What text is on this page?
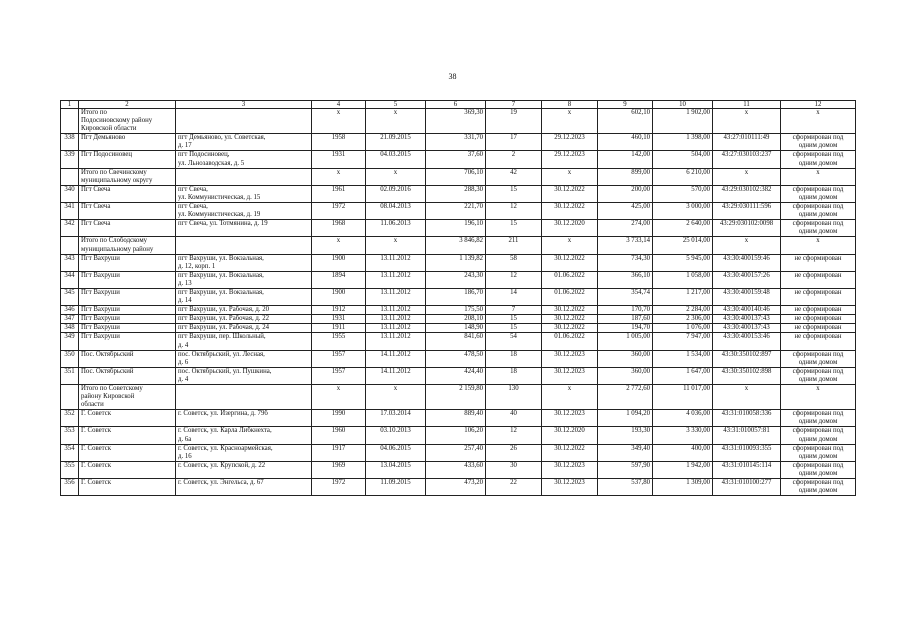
38
1	2	3	4	5	6	7	8	9	10	11	12
	Итого по
Подосиновскому району
Кировской области		х	х	369,30	19	х	602,10	1 902,00	х	х
338	Пгт Демьяново	пгт Демьяново, ул. Советская,
д. 17	1958	21.09.2015	331,70	17	29.12.2023	460,10	1 398,00	43:27:010111:49	сформирован под
одним домом
339	Пгт Подосиновец	пгт Подосиновец,
ул. Льнозаводская, д. 5	1931	04.03.2015	37,60	2	29.12.2023	142,00	504,00	43:27:030103:237	сформирован под
одним домом
	Итого по Свечинскому
муниципальному округу		х	х	706,10	42	х	899,00	6 210,00	х	х
340	Пгт Свеча	пгт Свеча,
ул. Коммунистическая, д. 15	1961	02.09.2016	288,30	15	30.12.2022	200,00	570,00	43:29:030102:382	сформирован под
одним домом
341	Пгт Свеча	пгт Свеча,
ул. Коммунистическая, д. 19	1972	08.04.2013	221,70	12	30.12.2022	425,00	3 000,00	43:29:030111:596	сформирован под
одним домом
342	Пгт Свеча	пгт Свеча, ул. Тотмянина, д. 19	1968	11.06.2013	196,10	15	30.12.2020	274,00	2 640,00	43:29:030102:0098	сформирован под
одним домом
	Итого по Слободскому
муниципальному району		х	х	3 846,82	211	х	3 733,14	25 014,00	х	х
343	Пгт Вахруши	пгт Вахруши, ул. Вокзальная,
д. 12, корп. 1	1900	13.11.2012	1 139,82	58	30.12.2022	734,30	5 945,00	43:30:400159:46	не сформирован
344	Пгт Вахруши	пгт Вахруши, ул. Вокзальная,
д. 13	1894	13.11.2012	243,30	12	01.06.2022	366,10	1 058,00	43:30:400157:26	не сформирован
345	Пгт Вахруши	пгт Вахруши, ул. Вокзальная,
д. 14	1900	13.11.2012	186,70	14	01.06.2022	354,74	1 217,00	43:30:400159:48	не сформирован
346	Пгт Вахруши	пгт Вахруши, ул. Рабочая, д. 20	1912	13.11.2012	175,50	7	30.12.2022	170,70	2 284,00	43:30:400140:46	не сформирован
347	Пгт Вахруши	пгт Вахруши, ул. Рабочая, д. 22	1931	13.11.2012	208,10	15	30.12.2022	187,60	2 306,00	43:30:400137:43	не сформирован
348	Пгт Вахруши	пгт Вахруши, ул. Рабочая, д. 24	1911	13.11.2012	148,90	15	30.12.2022	194,70	1 076,00	43:30:400137:43	не сформирован
349	Пгт Вахруши	пгт Вахруши, пер. Школьный,
д. 4	1955	13.11.2012	841,60	54	01.06.2022	1 005,00	7 947,00	43:30:400153:46	не сформирован
350	Пос. Октябрьский	пос. Октябрьский, ул. Лесная,
д. 6	1957	14.11.2012	478,50	18	30.12.2023	360,00	1 534,00	43:30:350102:897	сформирован под
одним домом
351	Пос. Октябрьский	пос. Октябрьский, ул. Пушкина,
д. 4	1957	14.11.2012	424,40	18	30.12.2023	360,00	1 647,00	43:30:350102:898	сформирован под
одним домом
	Итого по Советскому
району Кировской
области		х	х	2 159,80	130	х	2 772,60	11 017,00	х	х
352	Г. Советск	г. Советск, ул. Изергина, д. 79б	1990	17.03.2014	889,40	40	30.12.2023	1 094,20	4 036,00	43:31:010058:336	сформирован под
одним домом
353	Г. Советск	г. Советск, ул. Карла Либкнехта,
д. 6а	1960	03.10.2013	106,20	12	30.12.2020	193,30	3 330,00	43:31:010057:81	сформирован под
одним домом
354	Г. Советск	г. Советск, ул. Красноармейская,
д. 16	1917	04.06.2015	257,40	26	30.12.2022	349,40	400,00	43:31:010093:355	сформирован под
одним домом
355	Г. Советск	г. Советск, ул. Крупской, д. 22	1969	13.04.2015	433,60	30	30.12.2023	597,90	1 942,00	43:31:010145:114	сформирован под
одним домом
356	Г. Советск	г. Советск, ул. Энгельса, д. 67	1972	11.09.2015	473,20	22	30.12.2023	537,80	1 309,00	43:31:010100:277	сформирован под
одним домом
